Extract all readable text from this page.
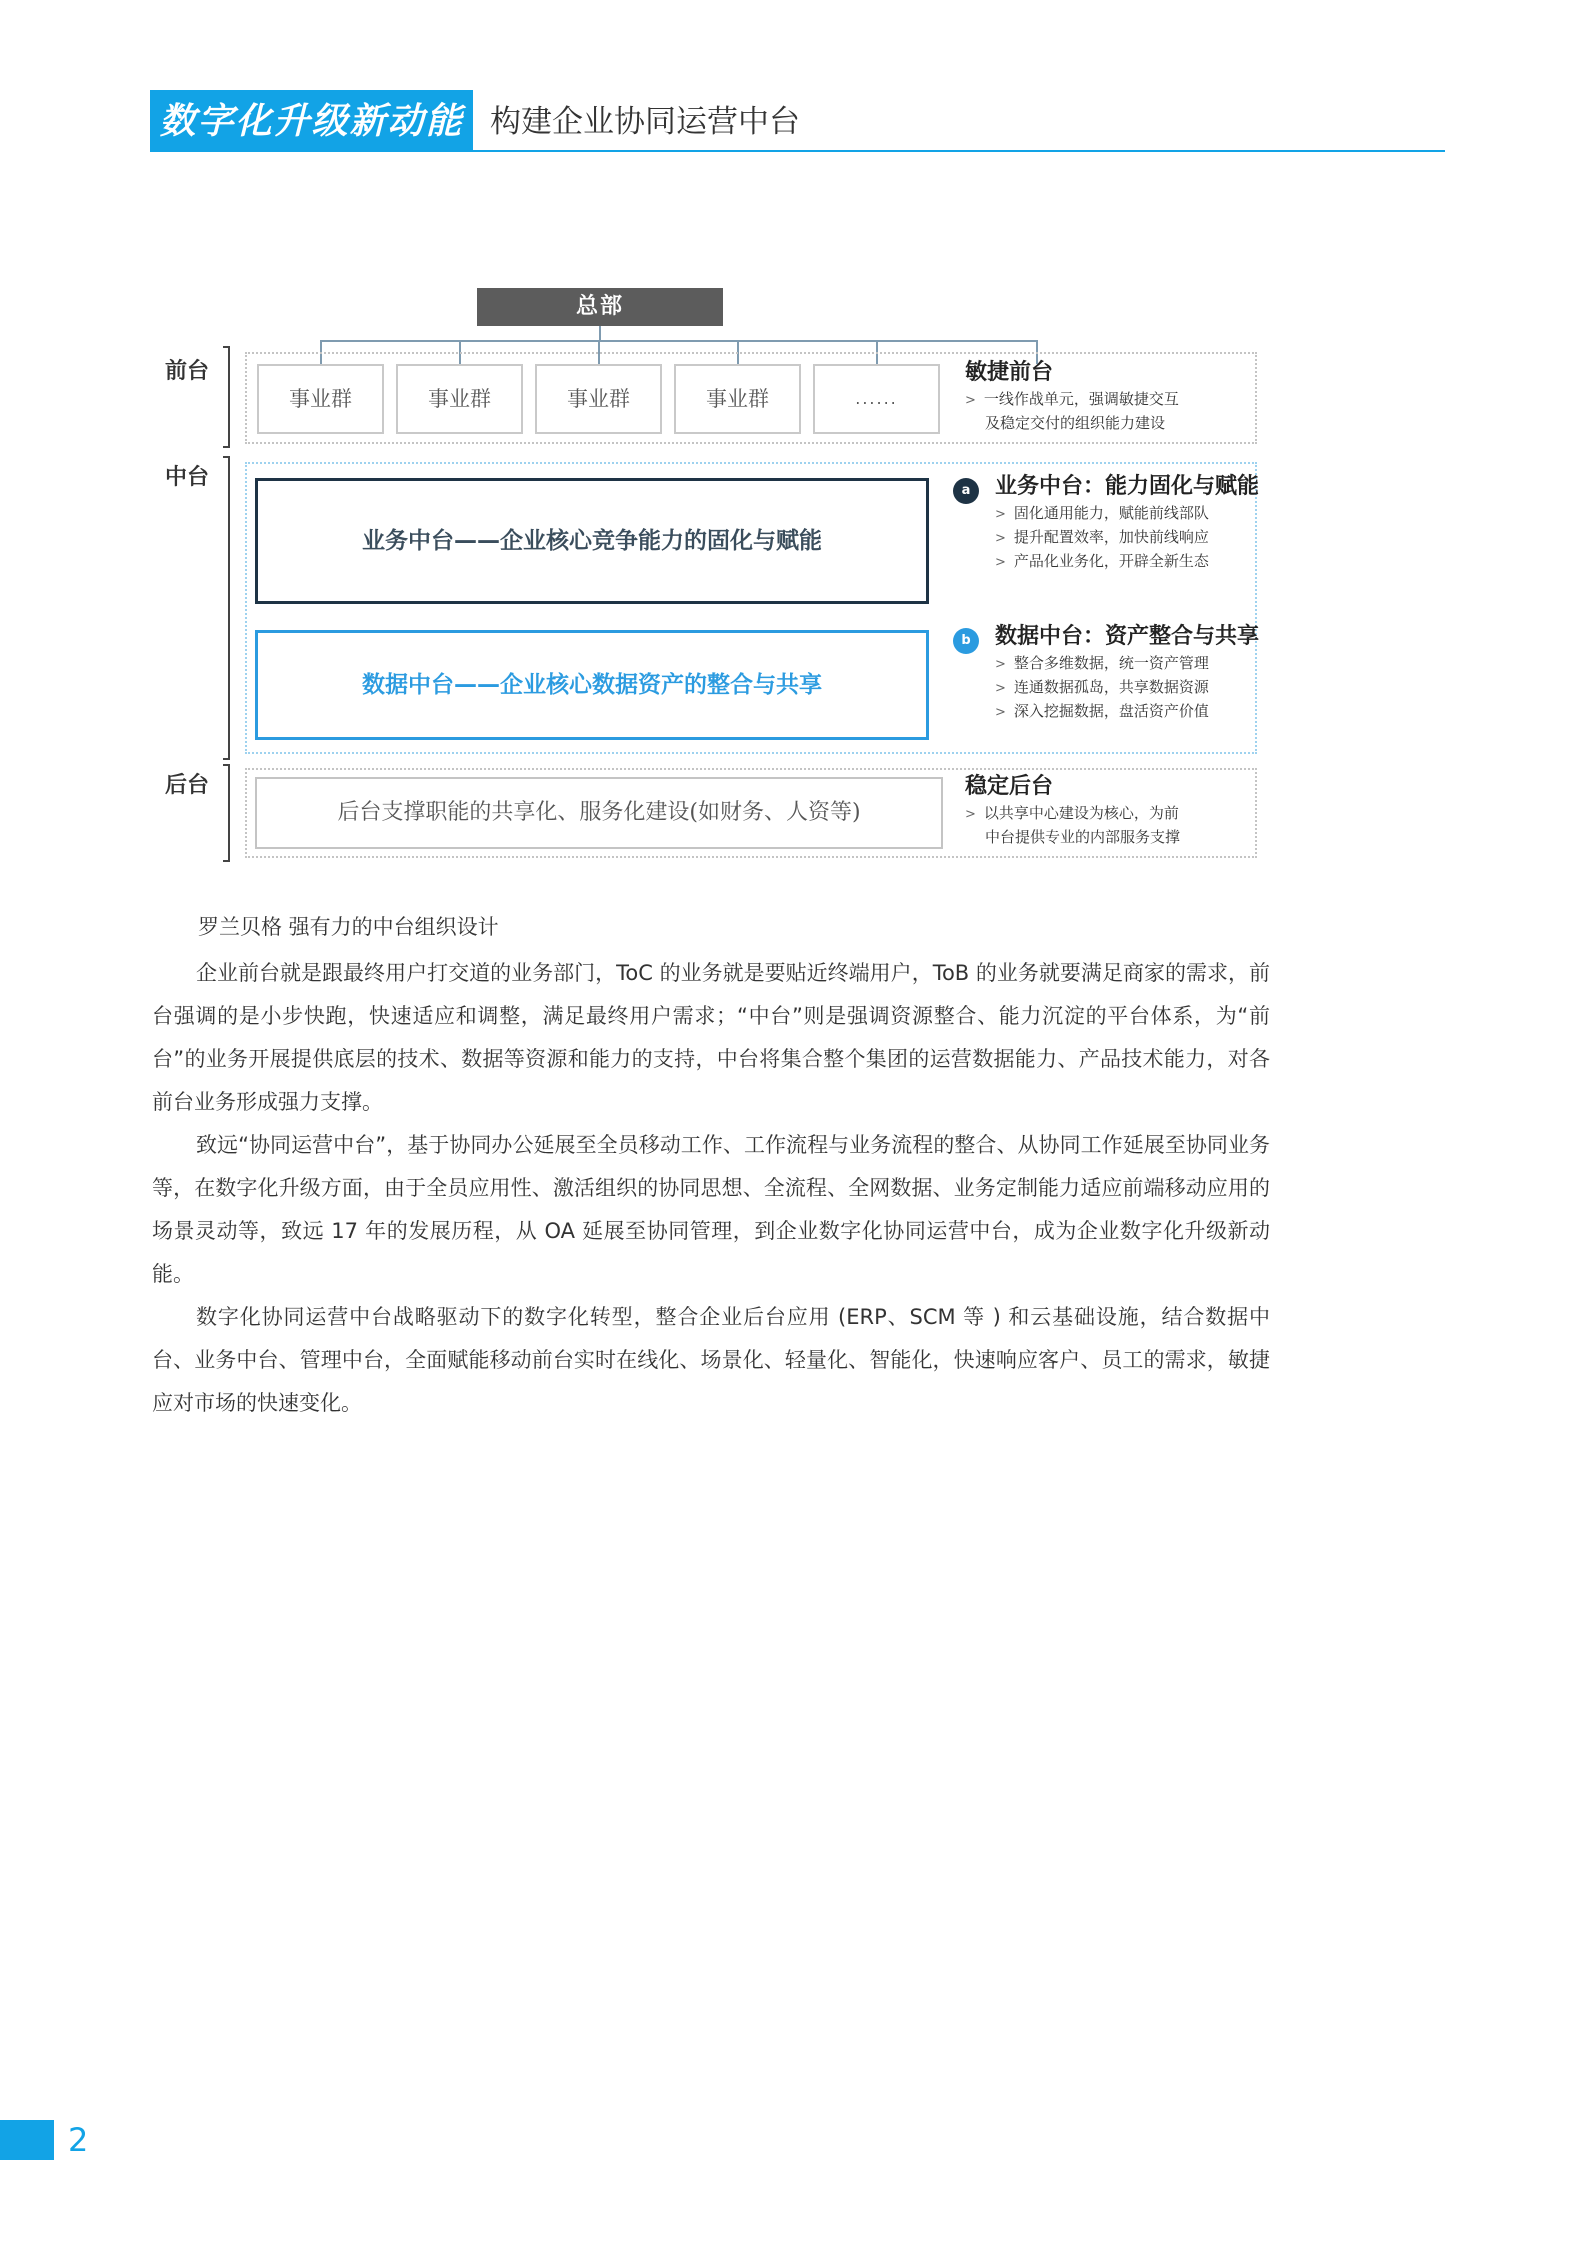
数字化升级新动能 构建企业协同运营中台
总部
前台
中台
后台
事业群	事业群	事业群	事业群	......
业务中台——企业核心竞争能力的固化与赋能
数据中台——企业核心数据资产的整合与共享
后台支撑职能的共享化、服务化建设(如财务、人资等)
敏捷前台
> 一线作战单元，强调敏捷交互
及稳定交付的组织能力建设
a	业务中台：能力固化与赋能
> 固化通用能力，赋能前线部队
> 提升配置效率，加快前线响应
> 产品化业务化，开辟全新生态
b	数据中台：资产整合与共享
> 整合多维数据，统一资产管理
> 连通数据孤岛，共享数据资源
> 深入挖掘数据，盘活资产价值
稳定后台
> 以共享中心建设为核心，为前
中台提供专业的内部服务支撑
罗兰贝格 强有力的中台组织设计

企业前台就是跟最终用户打交道的业务部门，ToC 的业务就是要贴近终端用户，ToB 的业务就要满足商家的需求，前台强调的是小步快跑，快速适应和调整，满足最终用户需求；“中台”则是强调资源整合、能力沉淀的平台体系，为“前台”的业务开展提供底层的技术、数据等资源和能力的支持，中台将集合整个集团的运营数据能力、产品技术能力，对各前台业务形成强力支撑。

致远“协同运营中台”，基于协同办公延展至全员移动工作、工作流程与业务流程的整合、从协同工作延展至协同业务等，在数字化升级方面，由于全员应用性、激活组织的协同思想、全流程、全网数据、业务定制能力适应前端移动应用的场景灵动等，致远 17 年的发展历程，从 OA 延展至协同管理，到企业数字化协同运营中台，成为企业数字化升级新动能。

数字化协同运营中台战略驱动下的数字化转型，整合企业后台应用 (ERP、SCM 等 ) 和云基础设施，结合数据中台、业务中台、管理中台，全面赋能移动前台实时在线化、场景化、轻量化、智能化，快速响应客户、员工的需求，敏捷应对市场的快速变化。

2
